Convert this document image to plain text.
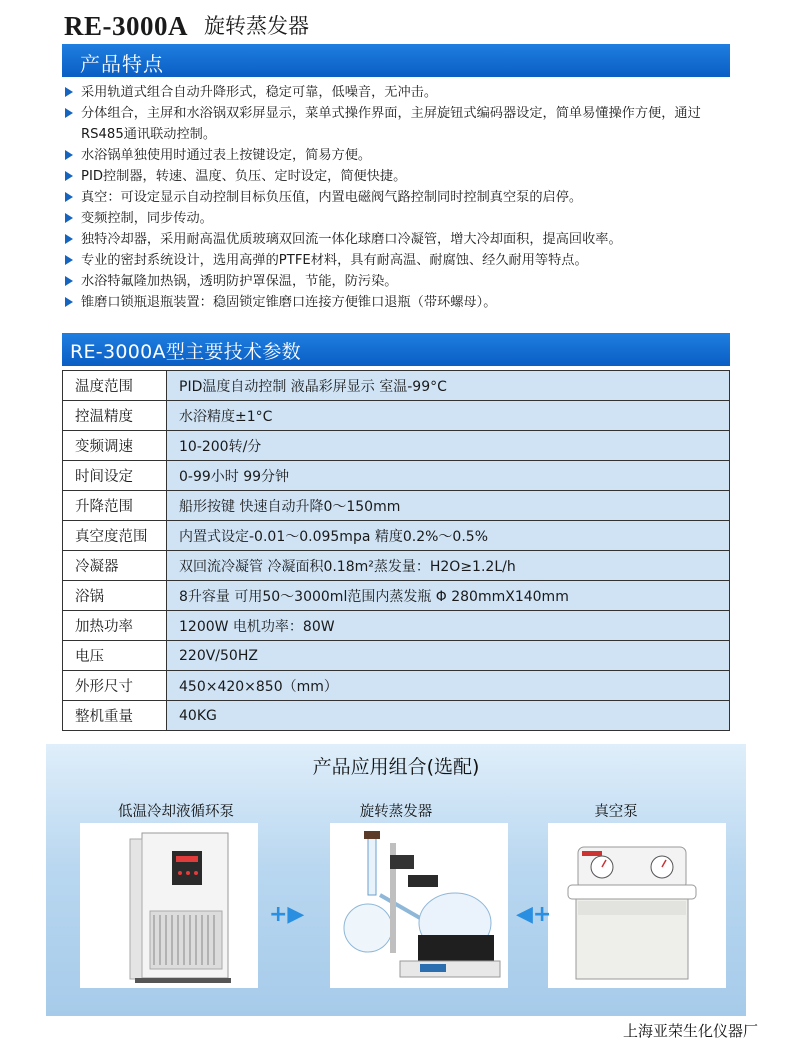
RE-3000A 旋转蒸发器
产品特点
采用轨道式组合自动升降形式，稳定可靠，低噪音，无冲击。
分体组合，主屏和水浴锅双彩屏显示，菜单式操作界面，主屏旋钮式编码器设定，简单易懂操作方便，通过RS485通讯联动控制。
水浴锅单独使用时通过表上按键设定，简易方便。
PID控制器，转速、温度、负压、定时设定，简便快捷。
真空：可设定显示自动控制目标负压值，内置电磁阀气路控制同时控制真空泵的启停。
变频控制，同步传动。
独特冷却器，采用耐高温优质玻璃双回流一体化球磨口冷凝管，增大冷却面积，提高回收率。
专业的密封系统设计，选用高弹的PTFE材料，具有耐高温、耐腐蚀、经久耐用等特点。
水浴特氟隆加热锅，透明防护罩保温，节能，防污染。
锥磨口锁瓶退瓶装置：稳固锁定锥磨口连接方便锥口退瓶（带环螺母）。
RE-3000A型主要技术参数
温度范围	PID温度自动控制 液晶彩屏显示 室温-99°C
控温精度	水浴精度±1°C
变频调速	10-200转/分
时间设定	0-99小时 99分钟
升降范围	船形按键 快速自动升降0～150mm
真空度范围	内置式设定-0.01～0.095mpa 精度0.2%～0.5%
冷凝器	双回流冷凝管 冷凝面积0.18m²蒸发量：H2O≥1.2L/h
浴锅	8升容量 可用50～3000ml范围内蒸发瓶 Φ 280mmX140mm
加热功率	1200W 电机功率：80W
电压	220V/50HZ
外形尺寸	450×420×850（mm）
整机重量	40KG
产品应用组合(选配)
低温冷却液循环泵	旋转蒸发器	真空泵
+▶	◀+
上海亚荣生化仪器厂
